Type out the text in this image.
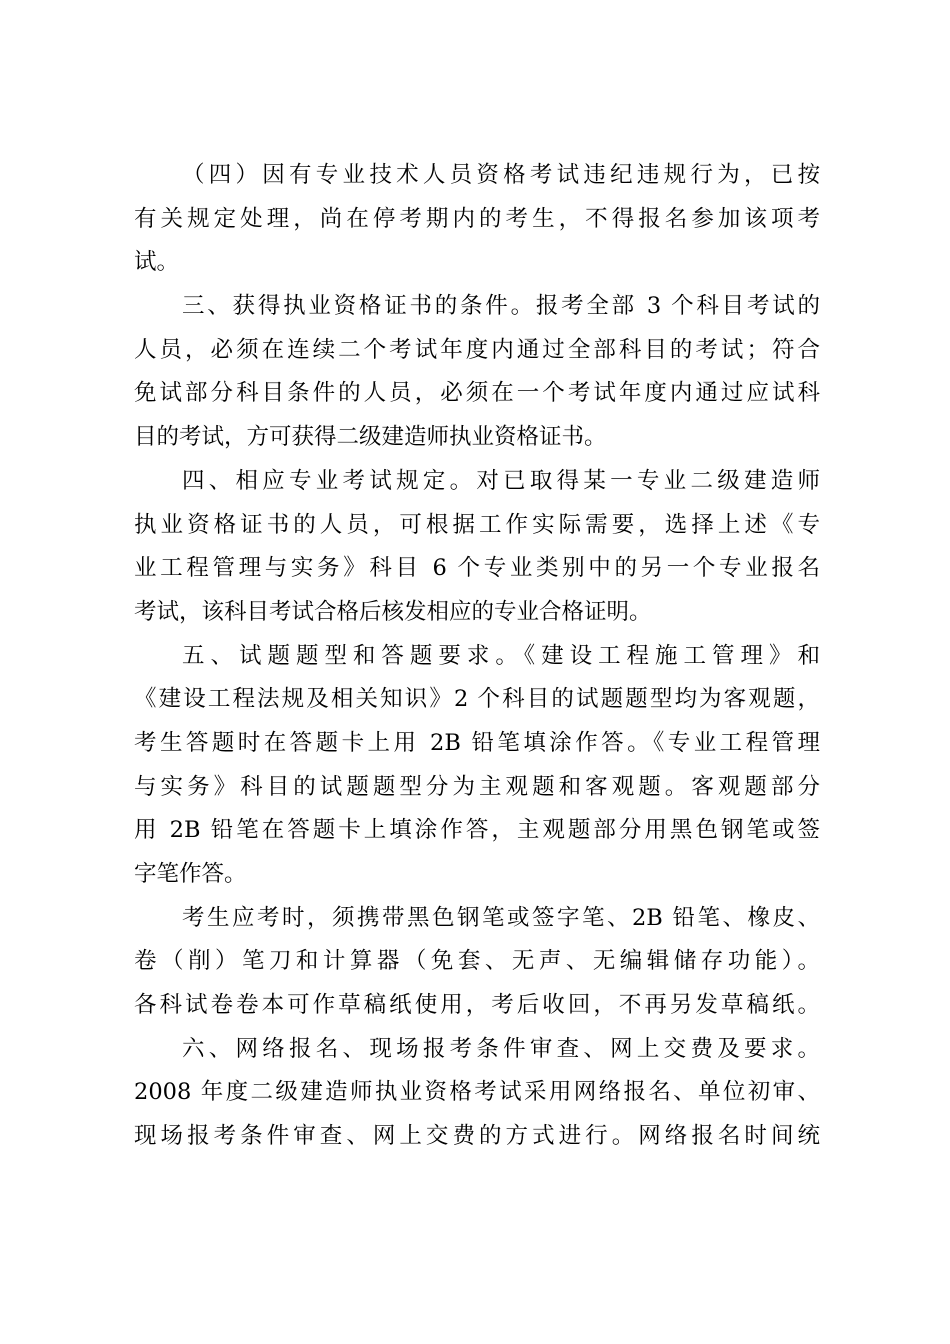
（四）因有专业技术人员资格考试违纪违规行为，已按
有关规定处理，尚在停考期内的考生，不得报名参加该项考
试。
三、获得执业资格证书的条件。报考全部 3 个科目考试的
人员，必须在连续二个考试年度内通过全部科目的考试；符合
免试部分科目条件的人员，必须在一个考试年度内通过应试科
目的考试，方可获得二级建造师执业资格证书。
四、相应专业考试规定。对已取得某一专业二级建造师
执业资格证书的人员，可根据工作实际需要，选择上述《专
业工程管理与实务》科目 6 个专业类别中的另一个专业报名
考试，该科目考试合格后核发相应的专业合格证明。
五、试题题型和答题要求。《建设工程施工管理》和
《建设工程法规及相关知识》2 个科目的试题题型均为客观题，
考生答题时在答题卡上用 2B 铅笔填涂作答。《专业工程管理
与实务》科目的试题题型分为主观题和客观题。客观题部分
用 2B 铅笔在答题卡上填涂作答，主观题部分用黑色钢笔或签
字笔作答。
考生应考时，须携带黑色钢笔或签字笔、2B 铅笔、橡皮、
卷（削）笔刀和计算器（免套、无声、无编辑储存功能）。
各科试卷卷本可作草稿纸使用，考后收回，不再另发草稿纸。
六、网络报名、现场报考条件审查、网上交费及要求。
2008 年度二级建造师执业资格考试采用网络报名、单位初审、
现场报考条件审查、网上交费的方式进行。网络报名时间统
